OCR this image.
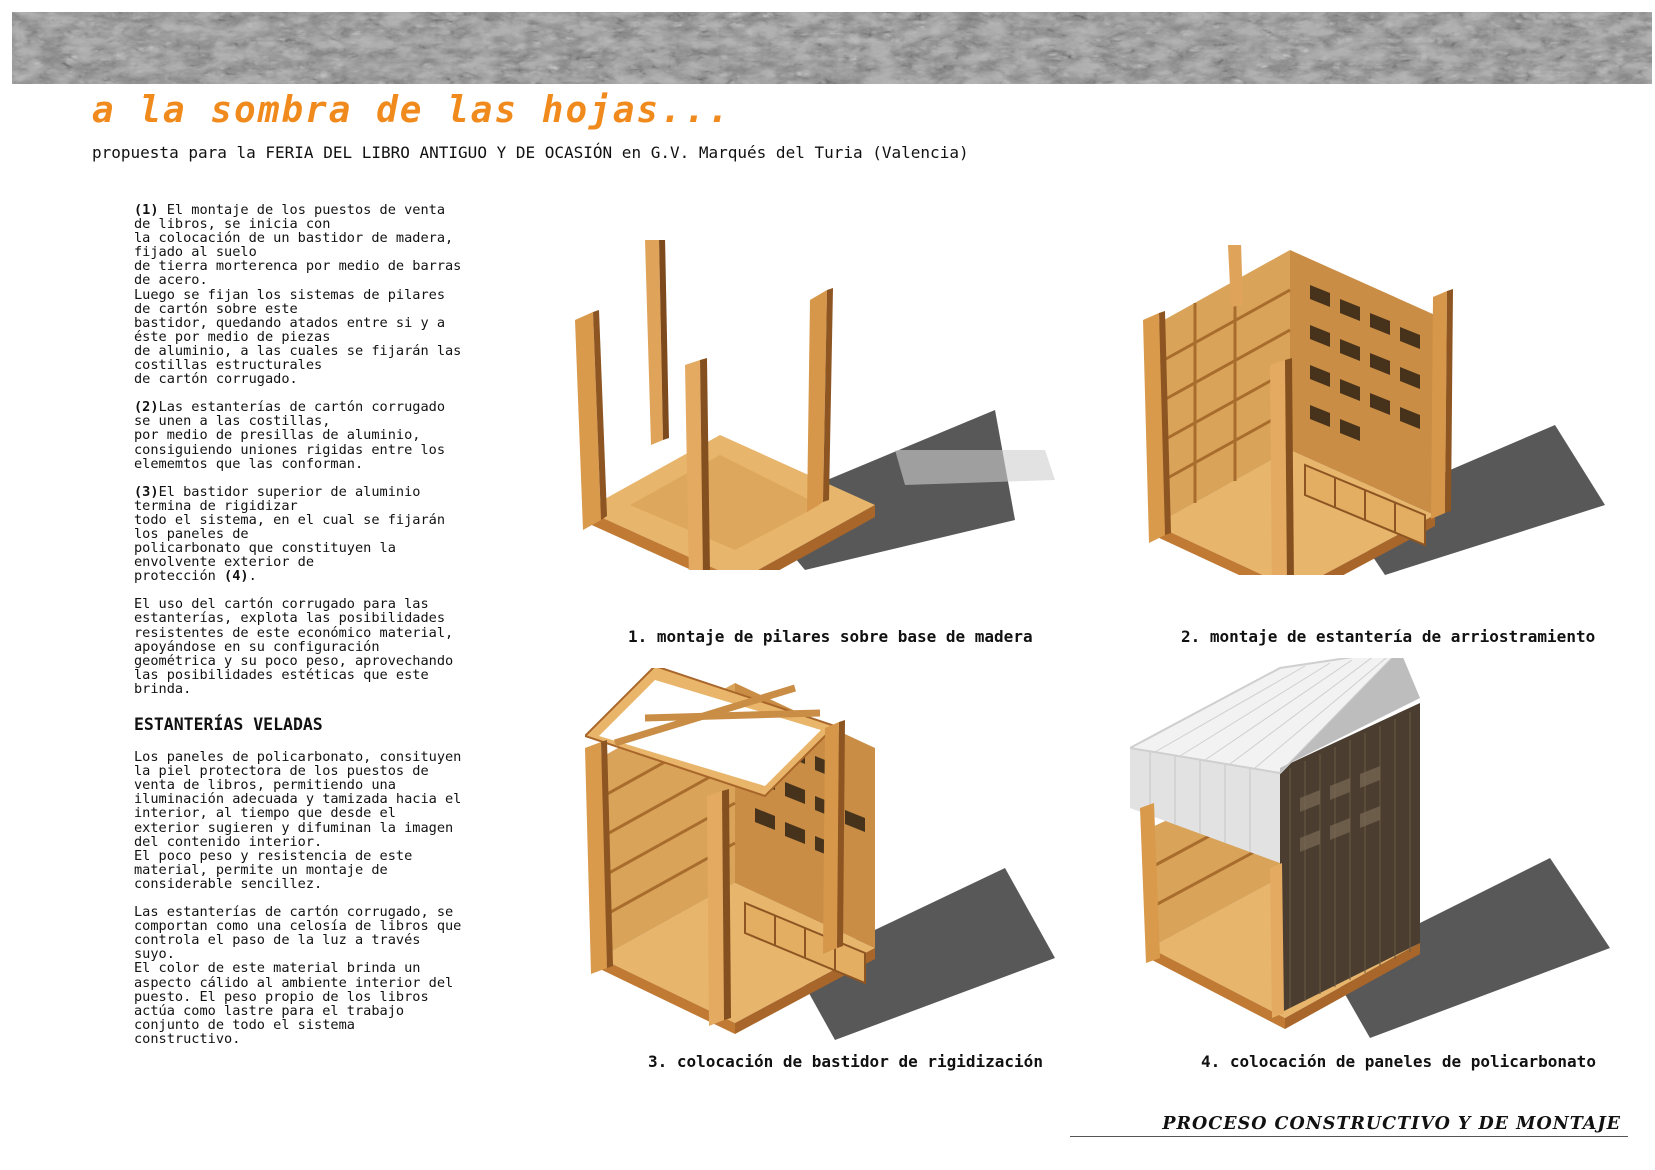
a la sombra de las hojas...

propuesta para la FERIA DEL LIBRO ANTIGUO Y DE OCASIÓN en G.V. Marqués del Turia (Valencia)

(1) El montaje de los puestos de venta
de libros, se inicia con
la colocación de un bastidor de madera,
fijado al suelo
de tierra morterenca por medio de barras
de acero.
Luego se fijan los sistemas de pilares
de cartón sobre este
bastidor, quedando atados entre si y a
éste por medio de piezas
de aluminio, a las cuales se fijarán las
costillas estructurales
de cartón corrugado.

(2)Las estanterías de cartón corrugado
se unen a las costillas,
por medio de presillas de aluminio,
consiguiendo uniones rigidas entre los
elememtos que las conforman.

(3)El bastidor superior de aluminio
termina de rigidizar
todo el sistema, en el cual se fijarán
los paneles de
policarbonato que constituyen la
envolvente exterior de
protección (4).

El uso del cartón corrugado para las
estanterías, explota las posibilidades
resistentes de este económico material,
apoyándose en su configuración
geométrica y su poco peso, aprovechando
las posibilidades estéticas que este
brinda.

ESTANTERÍAS VELADAS

Los paneles de policarbonato, consituyen
la piel protectora de los puestos de
venta de libros, permitiendo una
iluminación adecuada y tamizada hacia el
interior, al tiempo que desde el
exterior sugieren y difuminan la imagen
del contenido interior.
El poco peso y resistencia de este
material, permite un montaje de
considerable sencillez.

Las estanterías de cartón corrugado, se
comportan como una celosía de libros que
controla el paso de la luz a través
suyo.
El color de este material brinda un
aspecto cálido al ambiente interior del
puesto. El peso propio de los libros
actúa como lastre para el trabajo
conjunto de todo el sistema
constructivo.

1. montaje de pilares sobre base de madera	2. montaje de estantería de arriostramiento

3. colocación de bastidor de rigidización	4. colocación de paneles de policarbonato

PROCESO CONSTRUCTIVO Y DE MONTAJE
